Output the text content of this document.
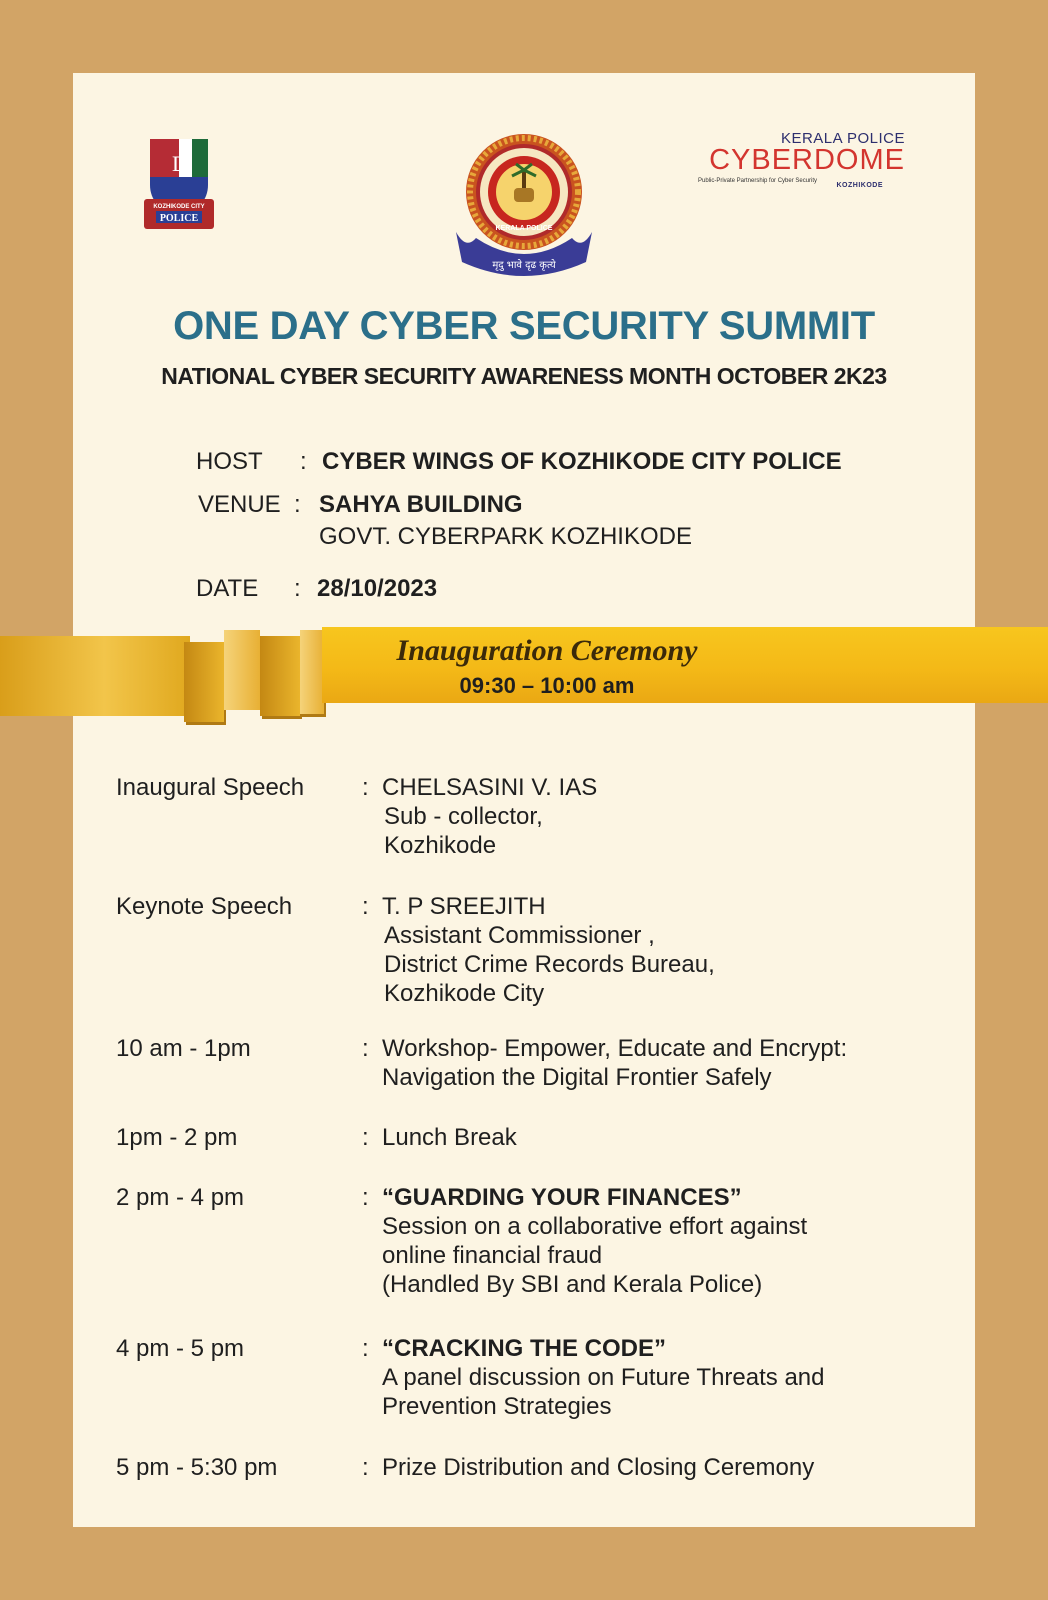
D
KOZHIKODE CITY
POLICE
मृदु भावे दृढ कृत्ये
KERALA POLICE
KERALA POLICE
CYBERDOME
Public-Private Partnership for Cyber Security
KOZHIKODE
ONE DAY CYBER SECURITY SUMMIT
NATIONAL CYBER SECURITY AWARENESS MONTH OCTOBER 2K23
HOST : CYBER WINGS OF KOZHIKODE CITY POLICE
VENUE : SAHYA BUILDING
GOVT. CYBERPARK KOZHIKODE
DATE : 28/10/2023
Inauguration Ceremony
09:30 – 10:00 am
Inaugural Speech : CHELSASINI V. IAS
Sub - collector,
Kozhikode
Keynote Speech	: T. P SREEJITH
Assistant Commissioner ,
District Crime Records Bureau,
Kozhikode City
10 am - 1pm	: Workshop- Empower, Educate and Encrypt:
Navigation the Digital Frontier Safely
1pm - 2 pm	: Lunch Break
2 pm - 4 pm	: “GUARDING YOUR FINANCES”
Session on a collaborative effort against
online financial fraud
(Handled By SBI and Kerala Police)
4 pm - 5 pm	: “CRACKING THE CODE”
A panel discussion on Future Threats and
Prevention Strategies
5 pm - 5:30 pm	: Prize Distribution and Closing Ceremony
